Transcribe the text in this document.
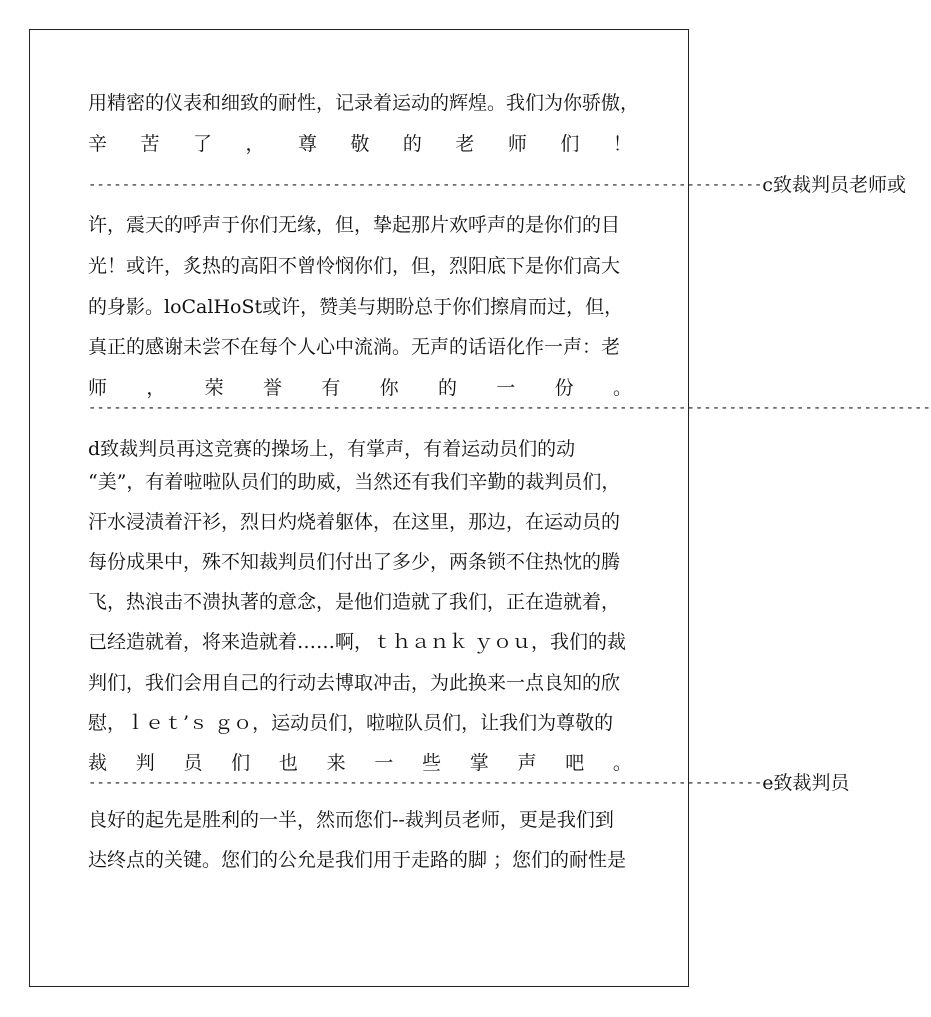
用精密的仪表和细致的耐性，记录着运动的辉煌。我们为你骄傲，
辛 苦 了 ， 尊 敬 的 老 师 们 ！
-------------------------------------------------------------------------------- c致裁判员老师或
许，震天的呼声于你们无缘，但，挚起那片欢呼声的是你们的目
光！或许，炙热的高阳不曾怜悯你们，但，烈阳底下是你们高大
的身影。loCalHoSt或许，赞美与期盼总于你们擦肩而过，但，
真正的感谢未尝不在每个人心中流淌。无声的话语化作一声：老
师 ， 荣 誉 有 你 的 一 份 。
----------------------------------------------------------------------------------------------------
d致裁判员再这竞赛的操场上，有掌声，有着运动员们的动
“美”，有着啦啦队员们的助威，当然还有我们辛勤的裁判员们，
汗水浸渍着汗衫，烈日灼烧着躯体，在这里，那边，在运动员的
每份成果中，殊不知裁判员们付出了多少，两条锁不住热忱的腾
飞，热浪击不溃执著的意念，是他们造就了我们，正在造就着，
已经造就着，将来造就着……啊，ｔｈａｎｋ ｙｏｕ，我们的裁
判们，我们会用自己的行动去博取冲击，为此换来一点良知的欣
慰，ｌｅｔ’ｓ ｇｏ，运动员们，啦啦队员们，让我们为尊敬的
裁 判 员 们 也 来 一 些 掌 声 吧 。
-------------------------------------------------------------------------------- e致裁判员
良好的起先是胜利的一半，然而您们--裁判员老师，更是我们到
达终点的关键。您们的公允是我们用于走路的脚 ；您们的耐性是
